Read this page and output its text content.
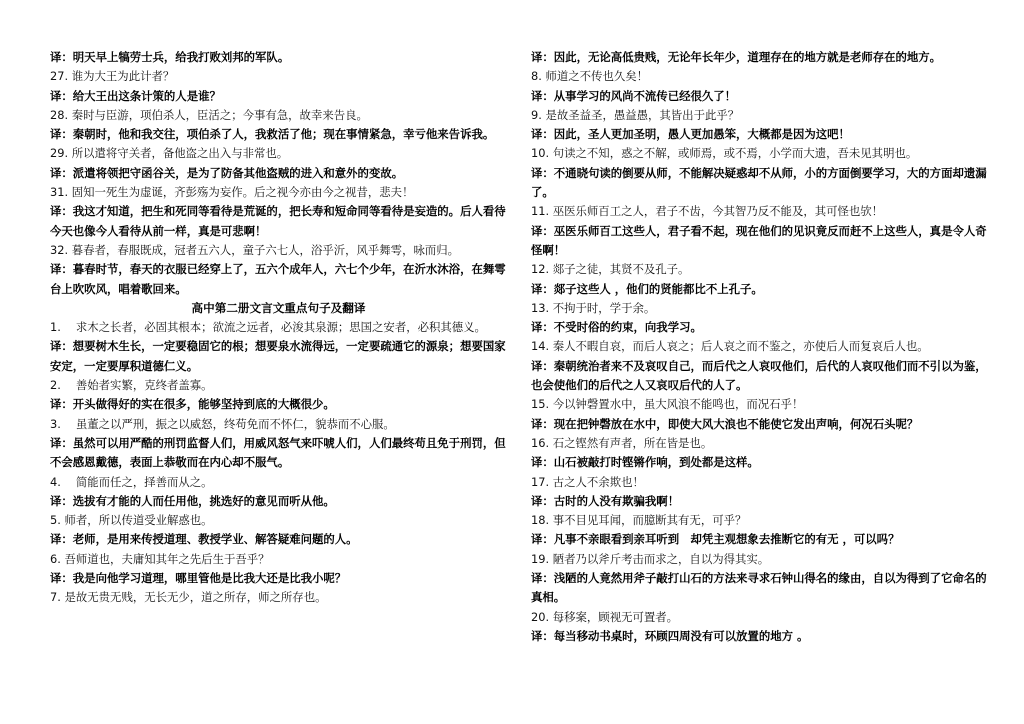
译：明天早上犒劳士兵，给我打败刘邦的军队。

27. 谁为大王为此计者？

译：给大王出这条计策的人是谁？

28. 秦时与臣游，项伯杀人，臣活之；今事有急，故幸来告良。

译：秦朝时，他和我交往，项伯杀了人，我救活了他；现在事情紧急，幸亏他来告诉我。

29. 所以遣将守关者，备他盗之出入与非常也。

译：派遣将领把守函谷关，是为了防备其他盗贼的进入和意外的变故。

31. 固知一死生为虚诞，齐彭殇为妄作。后之视今亦由今之视昔，悲夫！

译：我这才知道，把生和死同等看待是荒诞的，把长寿和短命同等看待是妄造的。后人看待今天也像今人看待从前一样，真是可悲啊！

32. 暮春者，春服既成，冠者五六人，童子六七人，浴乎沂，风乎舞雩，咏而归。

译：暮春时节，春天的衣服已经穿上了，五六个成年人，六七个少年，在沂水沐浴，在舞雩台上吹吹风，唱着歌回来。

高中第二册文言文重点句子及翻译

1.　 求木之长者，必固其根本；欲流之远者，必浚其泉源；思国之安者，必积其德义。

译：想要树木生长，一定要稳固它的根；想要泉水流得远，一定要疏通它的源泉；想要国家安定，一定要厚积道德仁义。

2.　 善始者实繁，克终者盖寡。

译：开头做得好的实在很多，能够坚持到底的大概很少。

3.　 虽董之以严刑，振之以威怒，终苟免而不怀仁，貌恭而不心服。

译：虽然可以用严酷的刑罚监督人们，用威风怒气来吓唬人们，人们最终苟且免于刑罚，但不会感恩戴德，表面上恭敬而在内心却不服气。

4.　 简能而任之，择善而从之。

译：选拔有才能的人而任用他，挑选好的意见而听从他。

5. 师者，所以传道受业解惑也。

译：老师，是用来传授道理、教授学业、解答疑难问题的人。

6. 吾师道也，夫庸知其年之先后生于吾乎？

译：我是向他学习道理，哪里管他是比我大还是比我小呢？

7. 是故无贵无贱，无长无少，道之所存，师之所存也。

译：因此，无论高低贵贱，无论年长年少，道理存在的地方就是老师存在的地方。

8. 师道之不传也久矣！

译：从事学习的风尚不流传已经很久了！

9. 是故圣益圣，愚益愚，其皆出于此乎？

译：因此，圣人更加圣明，愚人更加愚笨，大概都是因为这吧！

10. 句读之不知，惑之不解，或师焉，或不焉，小学而大遗，吾未见其明也。

译：不通晓句读的倒要从师，不能解决疑惑却不从师，小的方面倒要学习，大的方面却遗漏了。

11. 巫医乐师百工之人，君子不齿，今其智乃反不能及，其可怪也欤！

译：巫医乐师百工这些人，君子看不起，现在他们的见识竟反而赶不上这些人，真是令人奇怪啊！

12. 郯子之徒，其贤不及孔子。

译：郯子这些人 ，他们的贤能都比不上孔子。

13. 不拘于时，学于余。

译：不受时俗的约束，向我学习。

14. 秦人不暇自哀，而后人哀之；后人哀之而不鉴之，亦使后人而复哀后人也。

译：秦朝统治者来不及哀叹自己，而后代之人哀叹他们，后代的人哀叹他们而不引以为鉴，也会使他们的后代之人又哀叹后代的人了。

15. 今以钟磬置水中，虽大风浪不能鸣也，而况石乎！

译：现在把钟磬放在水中，即使大风大浪也不能使它发出声响，何况石头呢？

16. 石之铿然有声者，所在皆是也。

译：山石被敲打时铿锵作响，到处都是这样。

17. 古之人不余欺也！

译：古时的人没有欺骗我啊！

18. 事不目见耳闻，而臆断其有无，可乎？

译：凡事不亲眼看到亲耳听到　却凭主观想象去推断它的有无 ，可以吗？

19. 陋者乃以斧斤考击而求之，自以为得其实。

译：浅陋的人竟然用斧子敲打山石的方法来寻求石钟山得名的缘由，自以为得到了它命名的真相。

20. 每移案，顾视无可置者。

译：每当移动书桌时，环顾四周没有可以放置的地方 。
